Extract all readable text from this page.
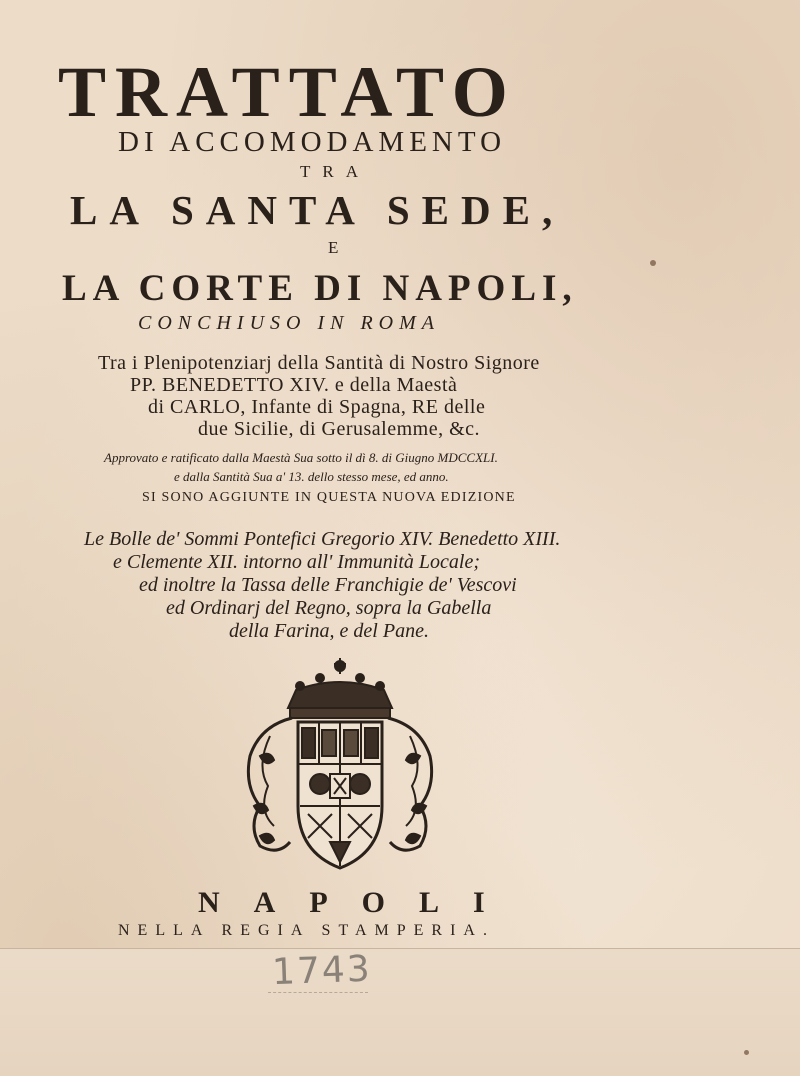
TRATTATO
DI ACCOMODAMENTO
TRA
LA SANTA SEDE,
E
LA CORTE DI NAPOLI,
CONCHIUSO IN ROMA
Tra i Plenipotenziarj della Santità di Nostro Signore
PP. BENEDETTO XIV. e della Maestà
di CARLO, Infante di Spagna, RE delle
due Sicilie, di Gerusalemme, &c.
Approvato e ratificato dalla Maestà Sua sotto il dì 8. di Giugno MDCCXLI.
e dalla Santità Sua a' 13. dello stesso mese, ed anno.
SI SONO AGGIUNTE IN QUESTA NUOVA EDIZIONE
Le Bolle de' Sommi Pontefici Gregorio XIV. Benedetto XIII.
e Clemente XII. intorno all' Immunità Locale;
ed inoltre la Tassa delle Franchigie de' Vescovi
ed Ordinarj del Regno, sopra la Gabella
della Farina, e del Pane.
NAPOLI
NELLA REGIA STAMPERIA.
1743
